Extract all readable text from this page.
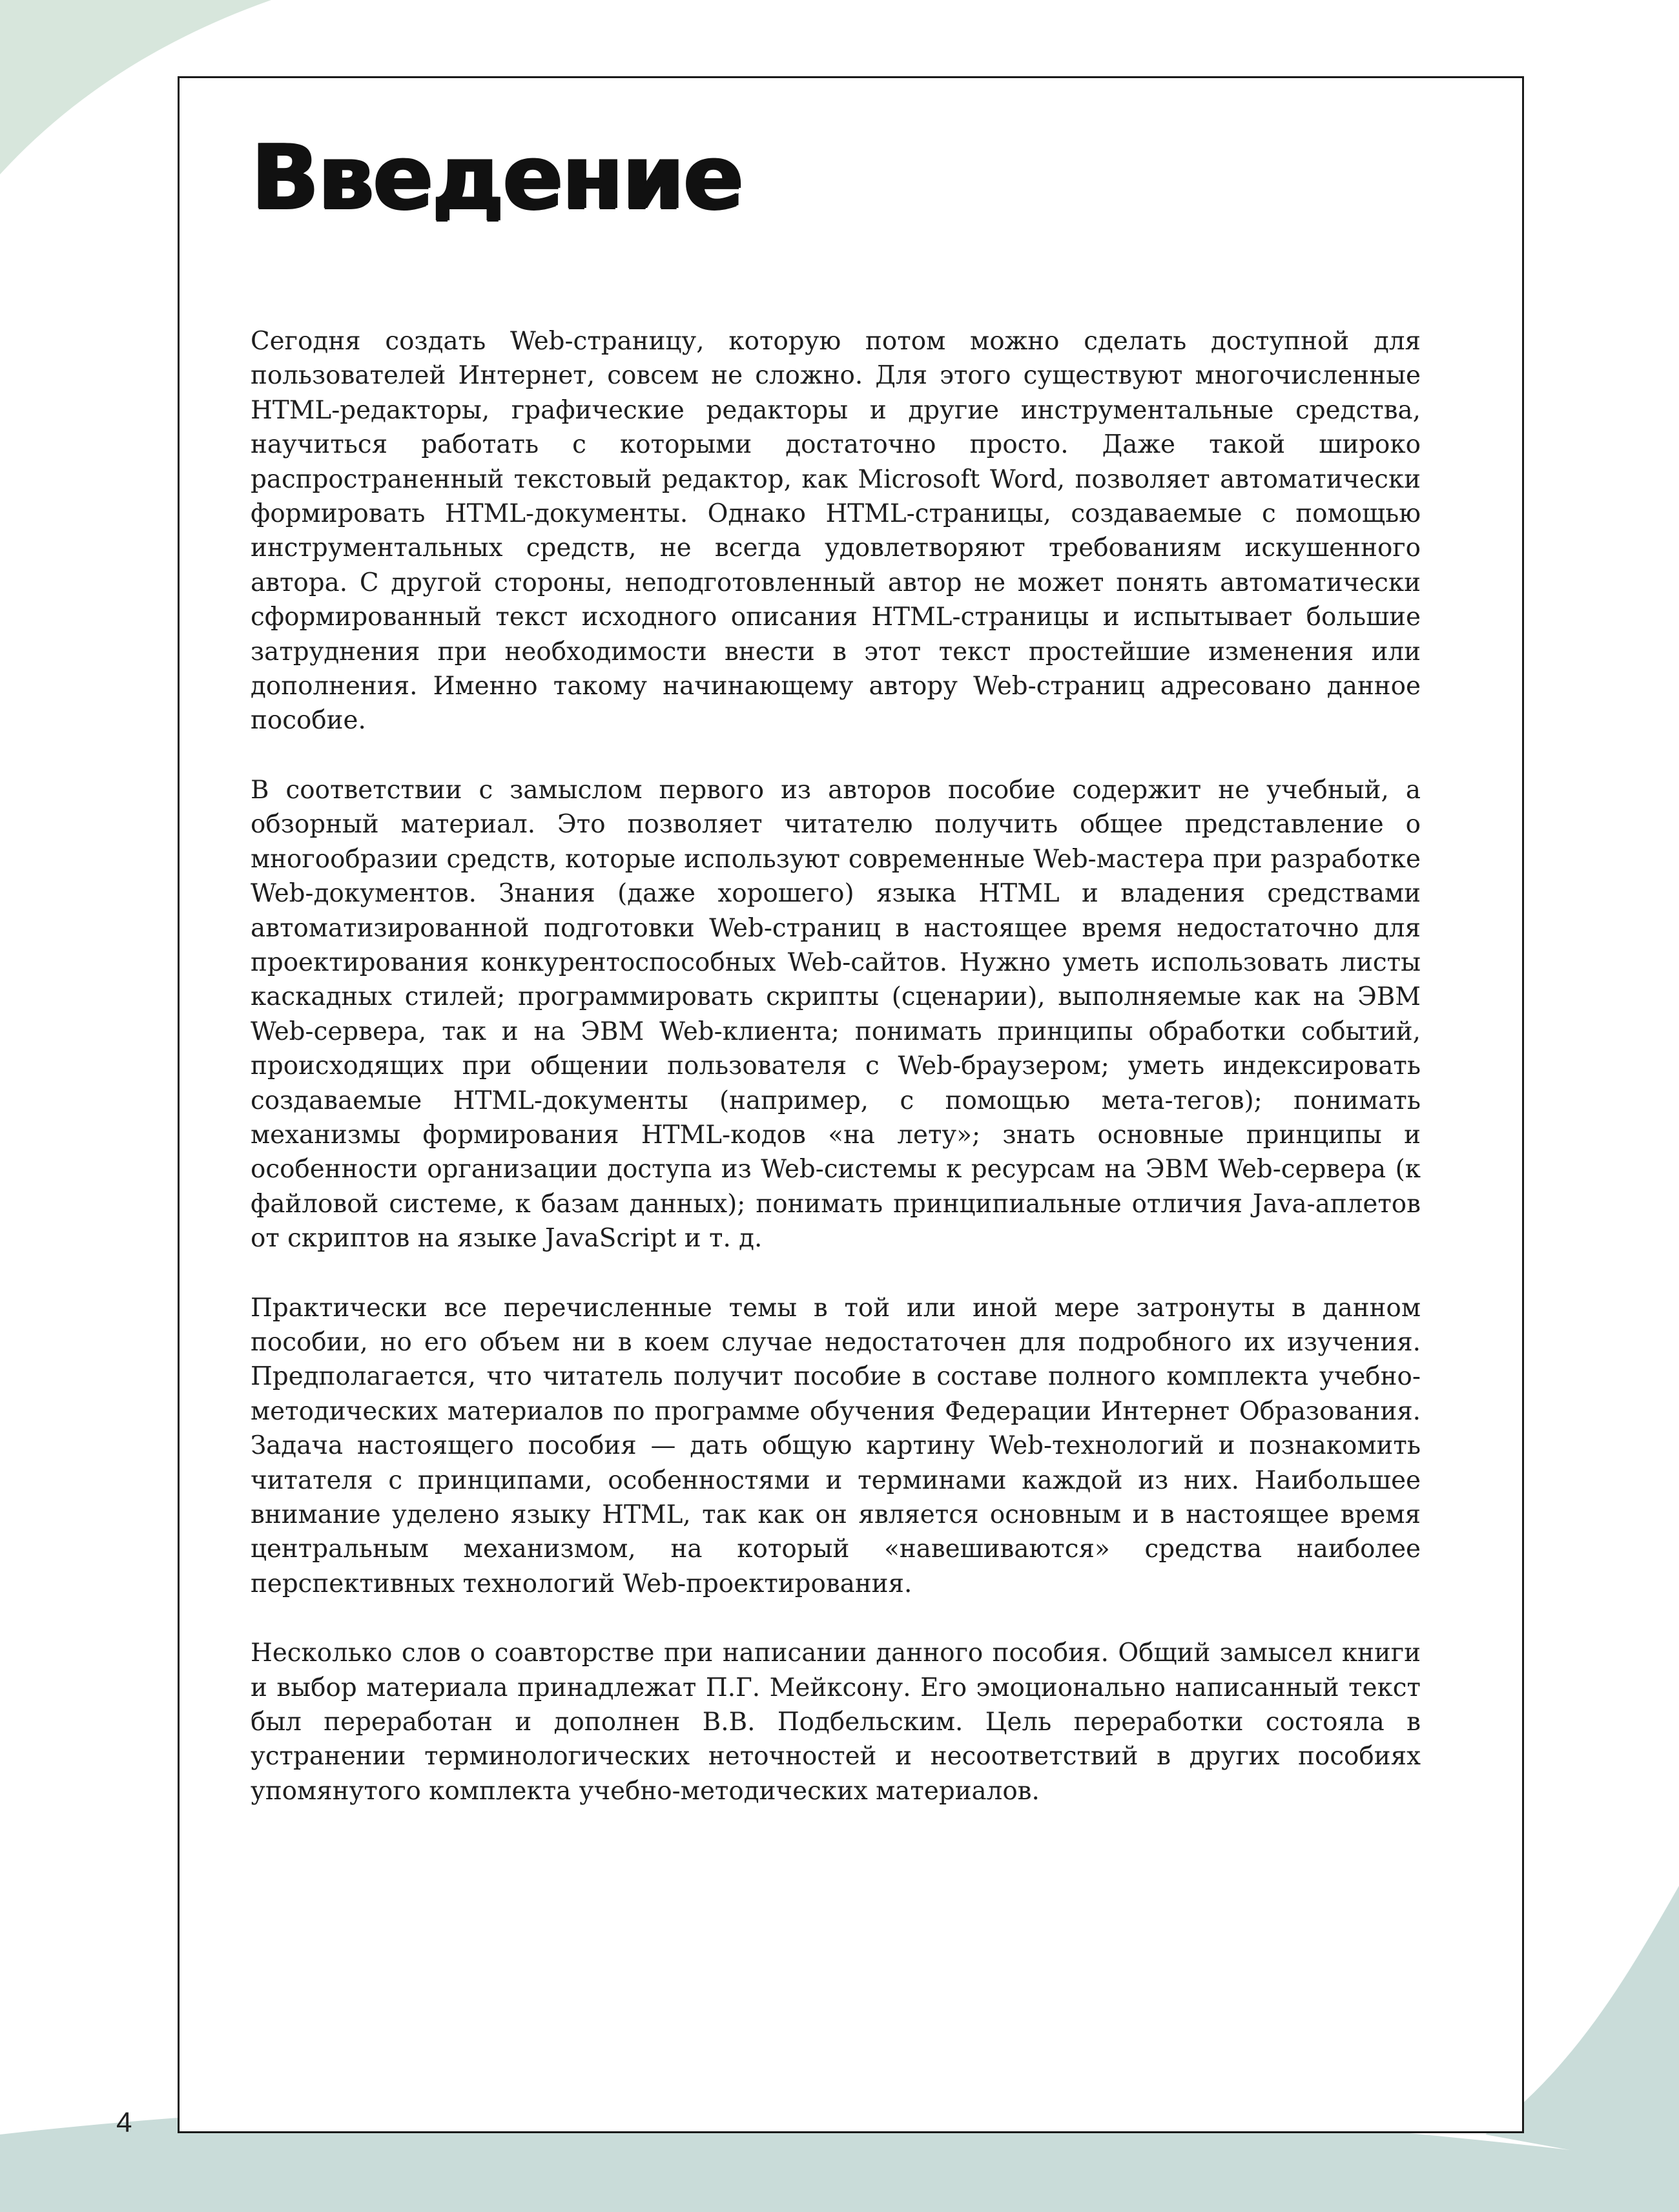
Введение

Сегодня создать Web-страницу, которую потом можно сделать доступной для пользователей Интернет, совсем не сложно. Для этого существуют многочисленные HTML-редакторы, графические редакторы и другие инструментальные средства, научиться работать с которыми достаточно просто. Даже такой широко распространенный текстовый редактор, как Microsoft Word, позволяет автоматически формировать HTML-документы. Однако HTML-страницы, создаваемые с помощью инструментальных средств, не всегда удовлетворяют требованиям искушенного автора. С другой стороны, неподготовленный автор не может понять автоматически сформированный текст исходного описания HTML-страницы и испытывает большие затруднения при необходимости внести в этот текст простейшие изменения или дополнения. Именно такому начинающему автору Web-страниц адресовано данное пособие.

В соответствии с замыслом первого из авторов пособие содержит не учебный, а обзорный материал. Это позволяет читателю получить общее представление о многообразии средств, которые используют современные Web-мастера при разработке Web-документов. Знания (даже хорошего) языка HTML и владения средствами автоматизированной подготовки Web-страниц в настоящее время недостаточно для проектирования конкурентоспособных Web-сайтов. Нужно уметь использовать листы каскадных стилей; программировать скрипты (сценарии), выполняемые как на ЭВМ Web-сервера, так и на ЭВМ Web-клиента; понимать принципы обработки событий, происходящих при общении пользователя с Web-браузером; уметь индексировать создаваемые HTML-документы (например, с помощью мета-тегов); понимать механизмы формирования HTML-кодов «на лету»; знать основные принципы и особенности организации доступа из Web-системы к ресурсам на ЭВМ Web-сервера (к файловой системе, к базам данных); понимать принципиальные отличия Java-аплетов от скриптов на языке JavaScript и т. д.

Практически все перечисленные темы в той или иной мере затронуты в данном пособии, но его объем ни в коем случае недостаточен для подробного их изучения. Предполагается, что читатель получит пособие в составе полного комплекта учебно-методических материалов по программе обучения Федерации Интернет Образования. Задача настоящего пособия — дать общую картину Web-технологий и познакомить читателя с принципами, особенностями и терминами каждой из них. Наибольшее внимание уделено языку HTML, так как он является основным и в настоящее время центральным механизмом, на который «навешиваются» средства наиболее перспективных технологий Web-проектирования.

Несколько слов о соавторстве при написании данного пособия. Общий замысел книги и выбор материала принадлежат П.Г. Мейксону. Его эмоционально написанный текст был переработан и дополнен В.В. Подбельским. Цель переработки состояла в устранении терминологических неточностей и несоответствий в других пособиях упомянутого комплекта учебно-методических материалов.

4
